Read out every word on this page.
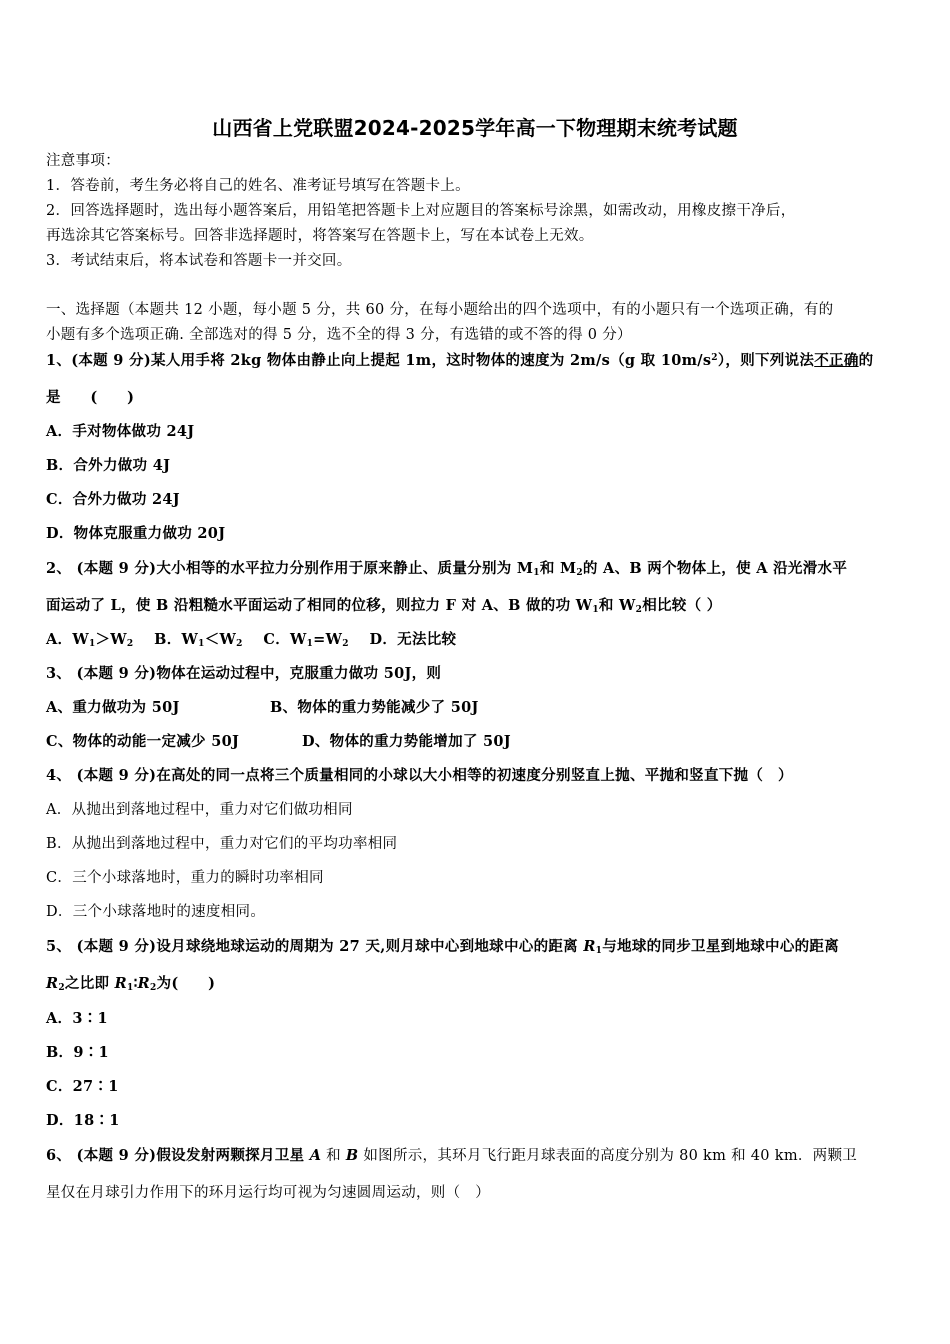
山西省上党联盟2024-2025学年高一下物理期末统考试题
注意事项：
1．答卷前，考生务必将自己的姓名、准考证号填写在答题卡上。
2．回答选择题时，选出每小题答案后，用铅笔把答题卡上对应题目的答案标号涂黑，如需改动，用橡皮擦干净后，
再选涂其它答案标号。回答非选择题时，将答案写在答题卡上，写在本试卷上无效。
3．考试结束后，将本试卷和答题卡一并交回。
一、选择题（本题共 12 小题，每小题 5 分，共 60 分，在每小题给出的四个选项中，有的小题只有一个选项正确，有的
小题有多个选项正确. 全部选对的得 5 分，选不全的得 3 分，有选错的或不答的得 0 分）
1、(本题 9 分)某人用手将 2kg 物体由静止向上提起 1m，这时物体的速度为 2m/s（g 取 $10m/s^2$），则下列说法不正确的
是　　(　　)
A．手对物体做功 24J
B．合外力做功 4J
C．合外力做功 24J
D．物体克服重力做功 20J
2、 (本题 9 分)大小相等的水平拉力分别作用于原来静止、质量分别为 $M_1$和 $M_2$的 A、B 两个物体上，使 A 沿光滑水平
面运动了 L，使 B 沿粗糙水平面运动了相同的位移，则拉力 F 对 A、B 做的功 $W_1$和 $W_2$相比较（ ）
A．$W_1>W_2$ B．$W_1<W_2$ C．$W_1=W_2$ D．无法比较
3、 (本题 9 分)物体在运动过程中，克服重力做功 50J，则
A、重力做功为 50J	B、物体的重力势能减少了 50J
C、物体的动能一定减少 50J	D、物体的重力势能增加了 50J
4、 (本题 9 分)在高处的同一点将三个质量相同的小球以大小相等的初速度分别竖直上抛、平抛和竖直下抛（　）
A．从抛出到落地过程中，重力对它们做功相同
B．从抛出到落地过程中，重力对它们的平均功率相同
C．三个小球落地时，重力的瞬时功率相同
D．三个小球落地时的速度相同。
5、 (本题 9 分)设月球绕地球运动的周期为 27 天,则月球中心到地球中心的距离 $R_1$与地球的同步卫星到地球中心的距离
$R_2$之比即 $R_1∶R_2$为(　　)
A．3∶1
B．9∶1
C．27∶1
D．18∶1
6、 (本题 9 分)假设发射两颗探月卫星 A 和 B 如图所示，其环月飞行距月球表面的高度分别为 80 km 和 40 km．两颗卫
星仅在月球引力作用下的环月运行均可视为匀速圆周运动，则（　）
